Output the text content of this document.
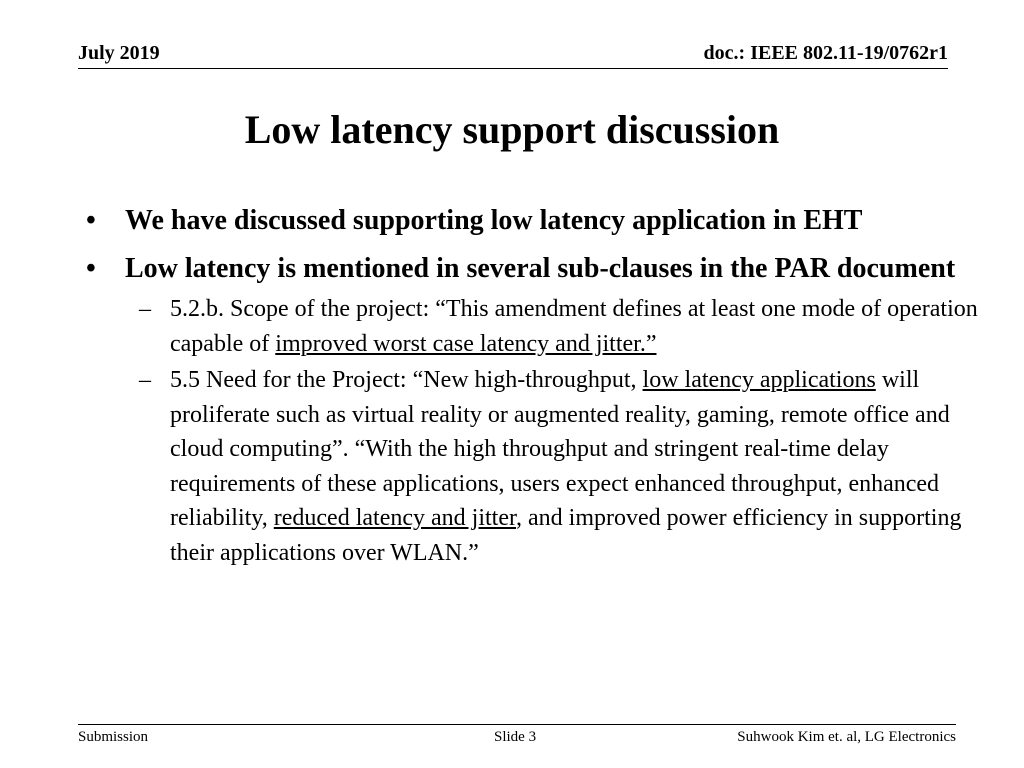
July 2019	doc.: IEEE 802.11-19/0762r1
Low latency support discussion
• We have discussed supporting low latency application in EHT
• Low latency is mentioned in several sub-clauses in the PAR document
– 5.2.b. Scope of the project: “This amendment defines at least one mode of operation capable of improved worst case latency and jitter.”
– 5.5 Need for the Project: “New high-throughput, low latency applications will proliferate such as virtual reality or augmented reality, gaming, remote office and cloud computing”. “With the high throughput and stringent real-time delay requirements of these applications, users expect enhanced throughput, enhanced reliability, reduced latency and jitter, and improved power efficiency in supporting their applications over WLAN.”
Submission	Slide 3	Suhwook Kim et. al, LG Electronics
